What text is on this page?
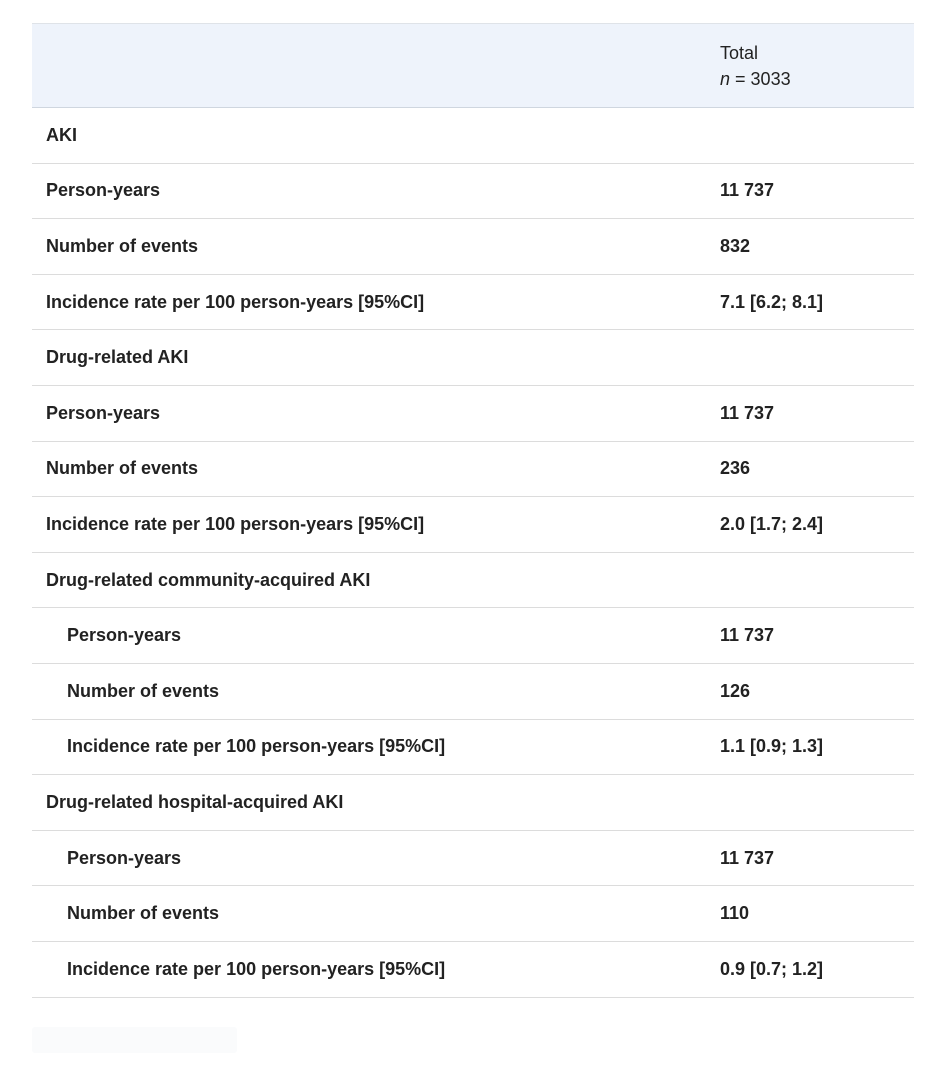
	Total
n = 3033

AKI	
Person-years	11 737
Number of events	832
Incidence rate per 100 person-years [95%CI]	7.1 [6.2; 8.1]
Drug-related AKI	
Person-years	11 737
Number of events	236
Incidence rate per 100 person-years [95%CI]	2.0 [1.7; 2.4]
Drug-related community-acquired AKI	
Person-years	11 737
Number of events	126
Incidence rate per 100 person-years [95%CI]	1.1 [0.9; 1.3]
Drug-related hospital-acquired AKI	
Person-years	11 737
Number of events	110
Incidence rate per 100 person-years [95%CI]	0.9 [0.7; 1.2]
